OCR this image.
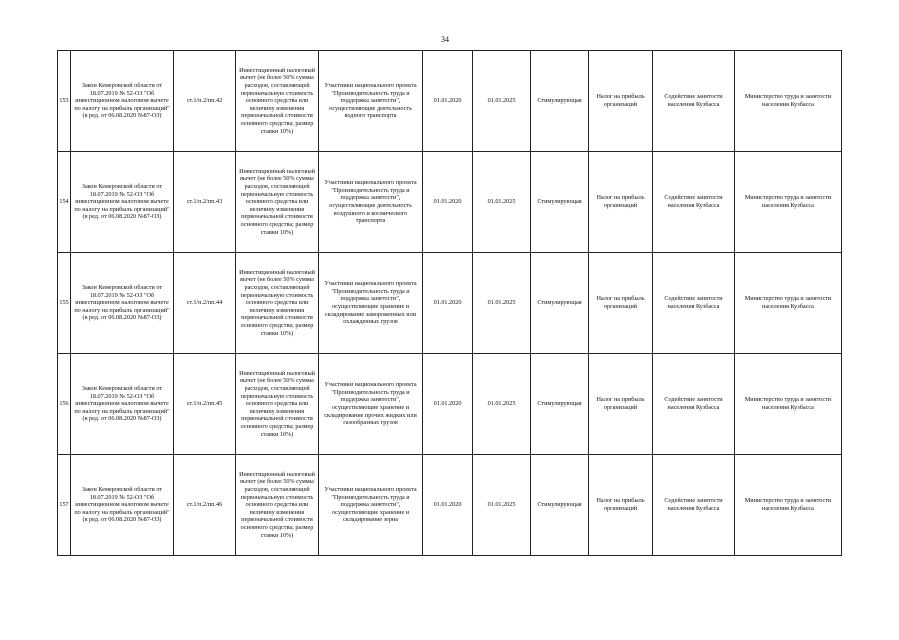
34
153	Закон Кемеровской области от 18.07.2019 № 52-ОЗ "Об инвестиционном налоговом вычете по налогу на прибыль организаций" (в ред. от 06.08.2020 №87-ОЗ)	ст.1/п.2/пп.42	Инвестиционный налоговый вычет (не более 50% суммы расходов, составляющей первоначальную стоимость основного средства или величину изменения первоначальной стоимости основного средства; размер ставки 10%)	Участники национального проекта "Производительность труда и поддержка занятости", осуществляющие деятельность водного транспорта	01.01.2020	01.01.2025	Стимулирующая	Налог на прибыль организаций	Содействие занятости населения Кузбасса	Министерство труда и занятости населения Кузбасса
154	Закон Кемеровской области от 18.07.2019 № 52-ОЗ "Об инвестиционном налоговом вычете по налогу на прибыль организаций" (в ред. от 06.08.2020 №87-ОЗ)	ст.1/п.2/пп.43	Инвестиционный налоговый вычет (не более 50% суммы расходов, составляющей первоначальную стоимость основного средства или величину изменения первоначальной стоимости основного средства; размер ставки 10%)	Участники национального проекта "Производительность труда и поддержка занятости", осуществляющие деятельность воздушного и космического транспорта	01.01.2020	01.01.2025	Стимулирующая	Налог на прибыль организаций	Содействие занятости населения Кузбасса	Министерство труда и занятости населения Кузбасса
155	Закон Кемеровской области от 18.07.2019 № 52-ОЗ "Об инвестиционном налоговом вычете по налогу на прибыль организаций" (в ред. от 06.08.2020 №87-ОЗ)	ст.1/п.2/пп.44	Инвестиционный налоговый вычет (не более 50% суммы расходов, составляющей первоначальную стоимость основного средства или величину изменения первоначальной стоимости основного средства; размер ставки 10%)	Участники национального проекта "Производительность труда и поддержка занятости", осуществляющие хранение и складирование замороженных или охлажденных грузов	01.01.2020	01.01.2025	Стимулирующая	Налог на прибыль организаций	Содействие занятости населения Кузбасса	Министерство труда и занятости населения Кузбасса
156	Закон Кемеровской области от 18.07.2019 № 52-ОЗ "Об инвестиционном налоговом вычете по налогу на прибыль организаций" (в ред. от 06.08.2020 №87-ОЗ)	ст.1/п.2/пп.45	Инвестиционный налоговый вычет (не более 50% суммы расходов, составляющей первоначальную стоимость основного средства или величину изменения первоначальной стоимости основного средства; размер ставки 10%)	Участники национального проекта "Производительность труда и поддержка занятости", осуществляющие хранение и складирование прочих жидких или газообразных грузов	01.01.2020	01.01.2025	Стимулирующая	Налог на прибыль организаций	Содействие занятости населения Кузбасса	Министерство труда и занятости населения Кузбасса
157	Закон Кемеровской области от 18.07.2019 № 52-ОЗ "Об инвестиционном налоговом вычете по налогу на прибыль организаций" (в ред. от 06.08.2020 №87-ОЗ)	ст.1/п.2/пп.46	Инвестиционный налоговый вычет (не более 50% суммы расходов, составляющей первоначальную стоимость основного средства или величину изменения первоначальной стоимости основного средства; размер ставки 10%)	Участники национального проекта "Производительность труда и поддержка занятости", осуществляющие хранение и складирование зерна	01.01.2020	01.01.2025	Стимулирующая	Налог на прибыль организаций	Содействие занятости населения Кузбасса	Министерство труда и занятости населения Кузбасса
